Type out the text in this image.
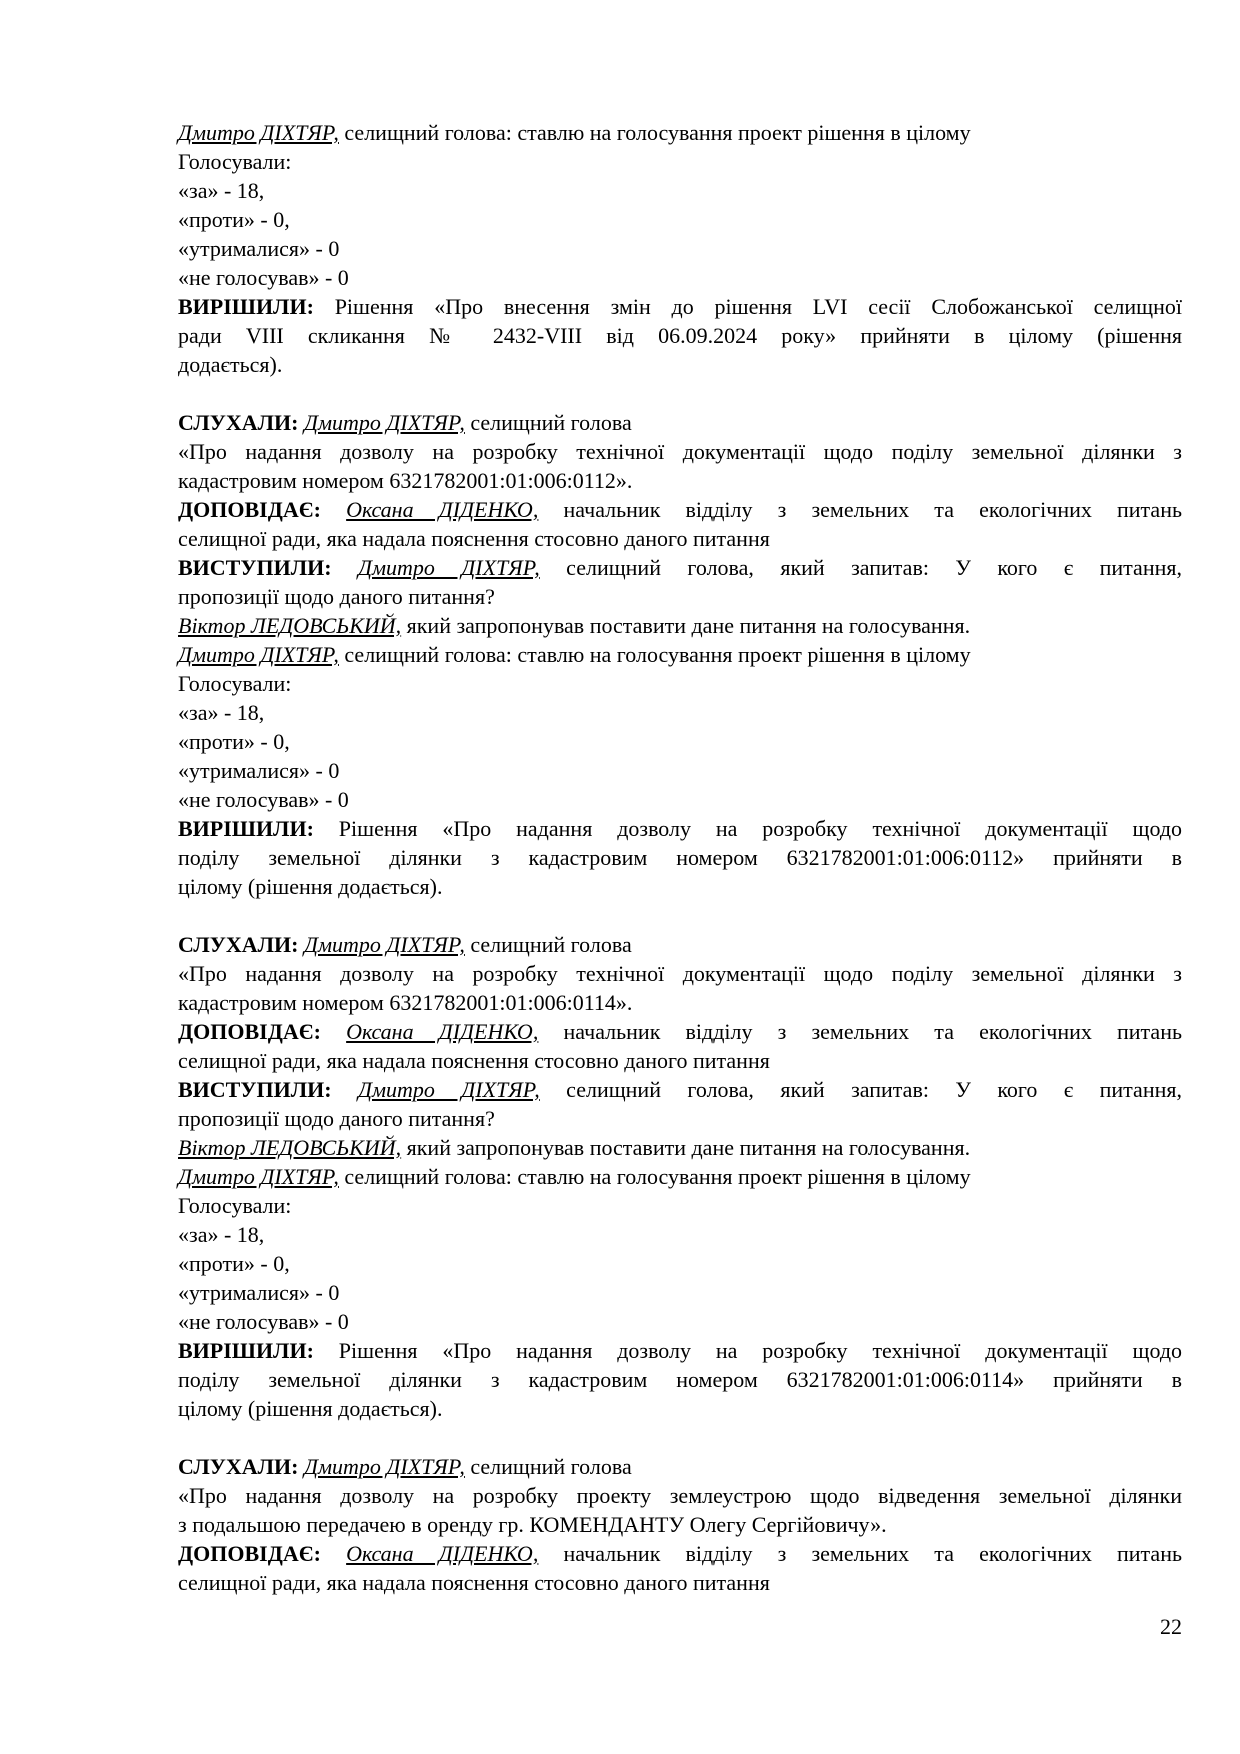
Дмитро ДІХТЯР, селищний голова: ставлю на голосування проект рішення в цілому
Голосували:
«за» - 18,
«проти» - 0,
«утрималися» - 0
«не голосував» - 0
ВИРІШИЛИ: Рішення «Про внесення змін до рішення LVI сесії Слобожанської селищної
ради VIII скликання № 2432-VIII від 06.09.2024 року» прийняти в цілому (рішення
додається).
СЛУХАЛИ: Дмитро ДІХТЯР, селищний голова
«Про надання дозволу на розробку технічної документації щодо поділу земельної ділянки з
кадастровим номером 6321782001:01:006:0112».
ДОПОВІДАЄ: Оксана ДІДЕНКО, начальник відділу з земельних та екологічних питань
селищної ради, яка надала пояснення стосовно даного питання
ВИСТУПИЛИ: Дмитро ДІХТЯР, селищний голова, який запитав: У кого є питання,
пропозиції щодо даного питання?
Віктор ЛЕДОВСЬКИЙ, який запропонував поставити дане питання на голосування.
Дмитро ДІХТЯР, селищний голова: ставлю на голосування проект рішення в цілому
Голосували:
«за» - 18,
«проти» - 0,
«утрималися» - 0
«не голосував» - 0
ВИРІШИЛИ: Рішення «Про надання дозволу на розробку технічної документації щодо
поділу земельної ділянки з кадастровим номером 6321782001:01:006:0112» прийняти в
цілому (рішення додається).
СЛУХАЛИ: Дмитро ДІХТЯР, селищний голова
«Про надання дозволу на розробку технічної документації щодо поділу земельної ділянки з
кадастровим номером 6321782001:01:006:0114».
ДОПОВІДАЄ: Оксана ДІДЕНКО, начальник відділу з земельних та екологічних питань
селищної ради, яка надала пояснення стосовно даного питання
ВИСТУПИЛИ: Дмитро ДІХТЯР, селищний голова, який запитав: У кого є питання,
пропозиції щодо даного питання?
Віктор ЛЕДОВСЬКИЙ, який запропонував поставити дане питання на голосування.
Дмитро ДІХТЯР, селищний голова: ставлю на голосування проект рішення в цілому
Голосували:
«за» - 18,
«проти» - 0,
«утрималися» - 0
«не голосував» - 0
ВИРІШИЛИ: Рішення «Про надання дозволу на розробку технічної документації щодо
поділу земельної ділянки з кадастровим номером 6321782001:01:006:0114» прийняти в
цілому (рішення додається).
СЛУХАЛИ: Дмитро ДІХТЯР, селищний голова
«Про надання дозволу на розробку проекту землеустрою щодо відведення земельної ділянки
з подальшою передачею в оренду гр. КОМЕНДАНТУ Олегу Сергійовичу».
ДОПОВІДАЄ: Оксана ДІДЕНКО, начальник відділу з земельних та екологічних питань
селищної ради, яка надала пояснення стосовно даного питання
22
